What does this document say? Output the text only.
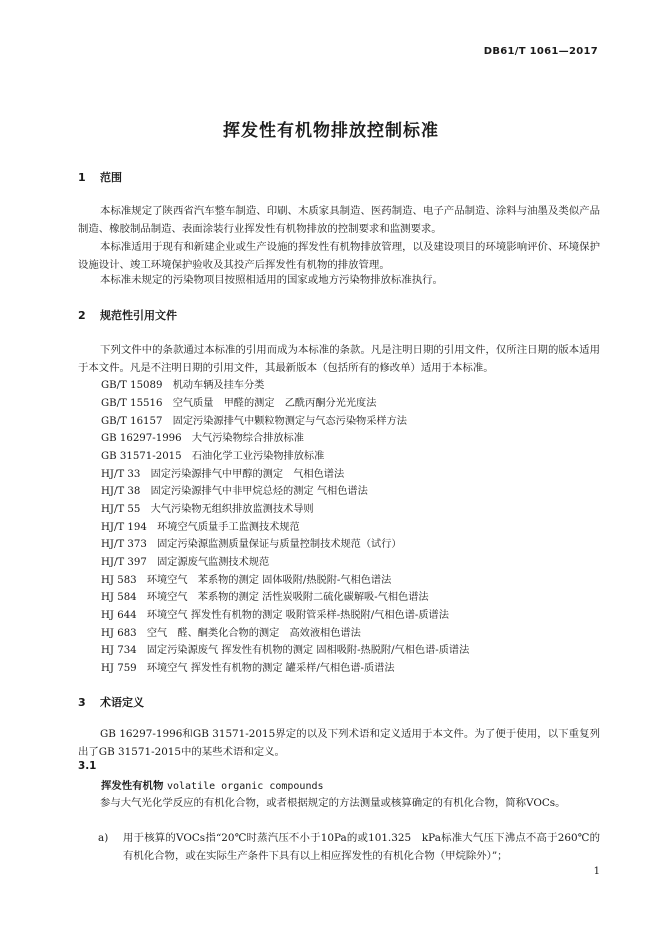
DB61/T 1061—2017
挥发性有机物排放控制标准
1 范围
本标准规定了陕西省汽车整车制造、印刷、木质家具制造、医药制造、电子产品制造、涂料与油墨及类似产品制造、橡胶制品制造、表面涂装行业挥发性有机物排放的控制要求和监测要求。
本标准适用于现有和新建企业或生产设施的挥发性有机物排放管理，以及建设项目的环境影响评价、环境保护设施设计、竣工环境保护验收及其投产后挥发性有机物的排放管理。
本标准未规定的污染物项目按照相适用的国家或地方污染物排放标准执行。
2 规范性引用文件
下列文件中的条款通过本标准的引用而成为本标准的条款。凡是注明日期的引用文件，仅所注日期的版本适用于本文件。凡是不注明日期的引用文件，其最新版本（包括所有的修改单）适用于本标准。
GB/T 15089　 机动车辆及挂车分类
GB/T 15516　 空气质量　甲醛的测定　乙酰丙酮分光光度法
GB/T 16157　 固定污染源排气中颗粒物测定与气态污染物采样方法
GB 16297-1996　 大气污染物综合排放标准
GB 31571-2015　 石油化学工业污染物排放标准
HJ/T 33　 固定污染源排气中甲醇的测定　气相色谱法
HJ/T 38　 固定污染源排气中非甲烷总烃的测定 气相色谱法
HJ/T 55　 大气污染物无组织排放监测技术导则
HJ/T 194　 环境空气质量手工监测技术规范
HJ/T 373　 固定污染源监测质量保证与质量控制技术规范（试行）
HJ/T 397　 固定源废气监测技术规范
HJ 583　 环境空气　苯系物的测定 固体吸附/热脱附-气相色谱法
HJ 584　 环境空气　苯系物的测定 活性炭吸附二硫化碳解吸-气相色谱法
HJ 644　 环境空气 挥发性有机物的测定 吸附管采样-热脱附/气相色谱-质谱法
HJ 683　 空气　醛、酮类化合物的测定　高效液相色谱法
HJ 734　 固定污染源废气 挥发性有机物的测定 固相吸附-热脱附/气相色谱-质谱法
HJ 759　 环境空气 挥发性有机物的测定 罐采样/气相色谱-质谱法
3 术语定义
GB 16297-1996和GB 31571-2015界定的以及下列术语和定义适用于本文件。为了便于使用，以下重复列出了GB 31571-2015中的某些术语和定义。
3.1
挥发性有机物 volatile organic compounds
参与大气光化学反应的有机化合物，或者根据规定的方法测量或核算确定的有机化合物，简称VOCs。
a) 用于核算的VOCs指“20℃时蒸汽压不小于10Pa的或101.325　kPa标准大气压下沸点不高于260℃的有机化合物，或在实际生产条件下具有以上相应挥发性的有机化合物（甲烷除外）”；
1
